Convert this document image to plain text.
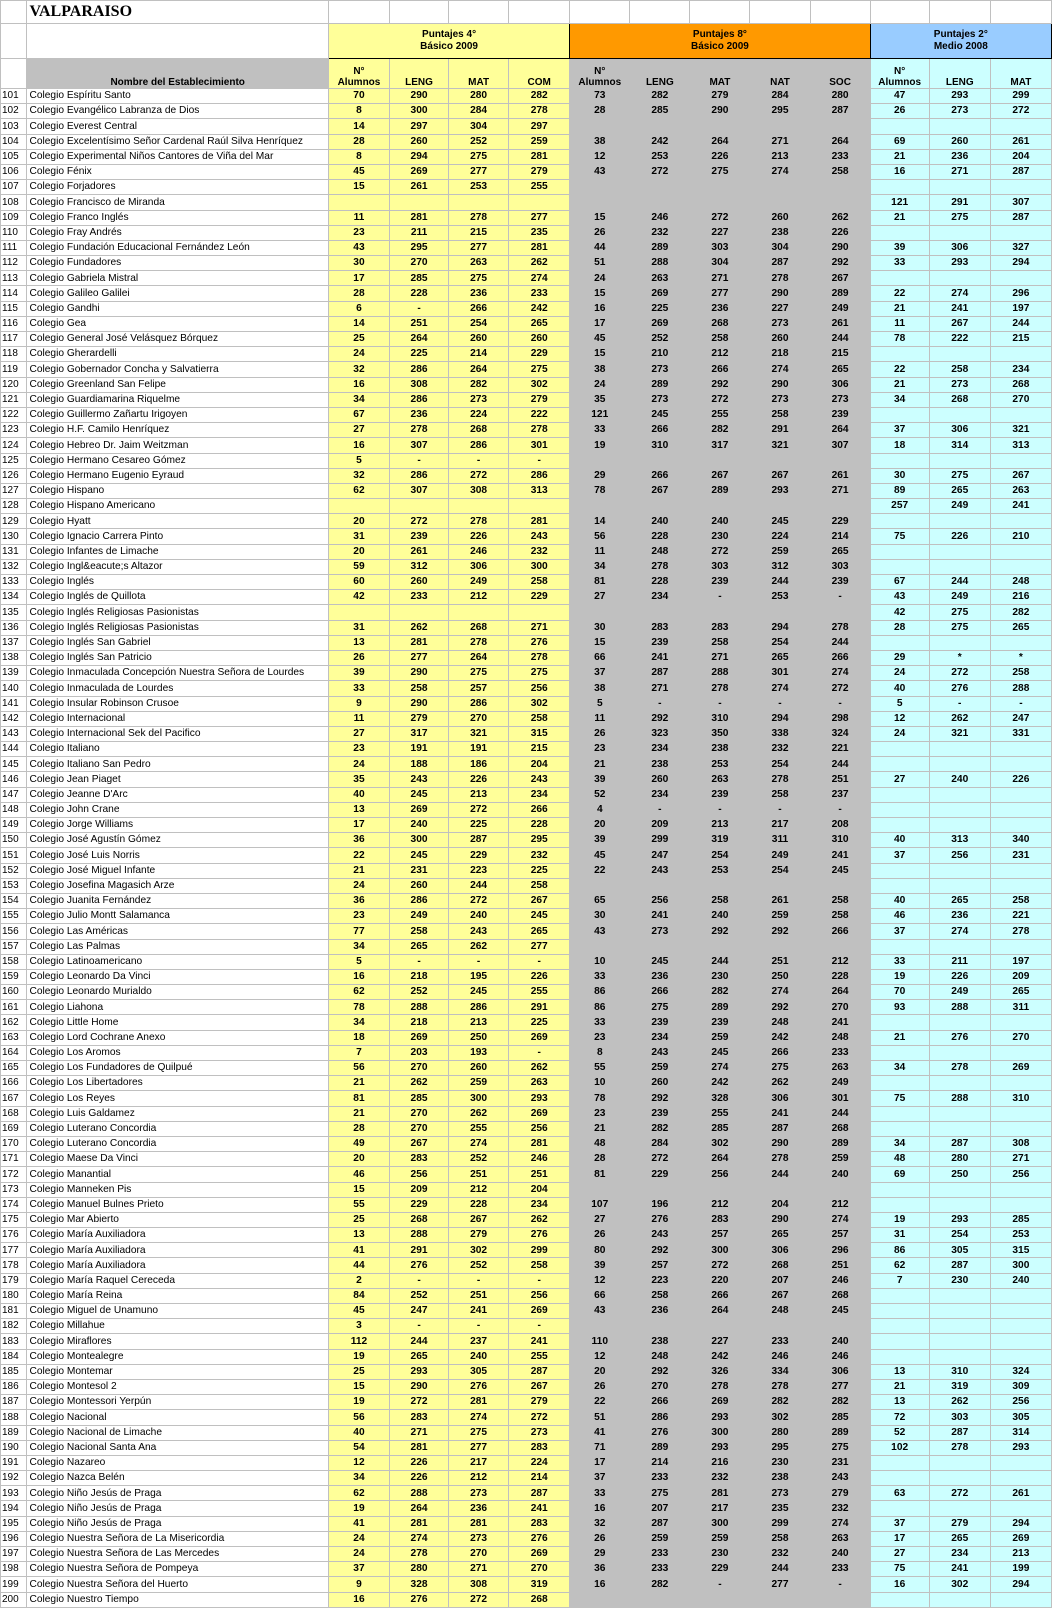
	VALPARAISO												
		Puntajes 4°
Básico 2009				Puntajes 8°
Básico 2009					Puntajes 2°
Medio 2008		
	Nombre del Establecimiento	N°
Alumnos	LENG	MAT	COM	N°
Alumnos	LENG	MAT	NAT	SOC	N°
Alumnos	LENG	MAT
101	Colegio Espíritu Santo	70	290	280	282	73	282	279	284	280	47	293	299
102	Colegio Evangélico Labranza de Dios	8	300	284	278	28	285	290	295	287	26	273	272
103	Colegio Everest Central	14	297	304	297								
104	Colegio Excelentísimo Señor Cardenal Raúl Silva Henríquez	28	260	252	259	38	242	264	271	264	69	260	261
105	Colegio Experimental Niños Cantores de Viña del Mar	8	294	275	281	12	253	226	213	233	21	236	204
106	Colegio Fénix	45	269	277	279	43	272	275	274	258	16	271	287
107	Colegio Forjadores	15	261	253	255								
108	Colegio Francisco de Miranda										121	291	307
109	Colegio Franco Inglés	11	281	278	277	15	246	272	260	262	21	275	287
110	Colegio Fray Andrés	23	211	215	235	26	232	227	238	226			
111	Colegio Fundación Educacional Fernández León	43	295	277	281	44	289	303	304	290	39	306	327
112	Colegio Fundadores	30	270	263	262	51	288	304	287	292	33	293	294
113	Colegio Gabriela Mistral	17	285	275	274	24	263	271	278	267			
114	Colegio Galileo Galilei	28	228	236	233	15	269	277	290	289	22	274	296
115	Colegio Gandhi	6	-	266	242	16	225	236	227	249	21	241	197
116	Colegio Gea	14	251	254	265	17	269	268	273	261	11	267	244
117	Colegio General José Velásquez Bórquez	25	264	260	260	45	252	258	260	244	78	222	215
118	Colegio Gherardelli	24	225	214	229	15	210	212	218	215			
119	Colegio Gobernador Concha y Salvatierra	32	286	264	275	38	273	266	274	265	22	258	234
120	Colegio Greenland San Felipe	16	308	282	302	24	289	292	290	306	21	273	268
121	Colegio Guardiamarina Riquelme	34	286	273	279	35	273	272	273	273	34	268	270
122	Colegio Guillermo Zañartu Irigoyen	67	236	224	222	121	245	255	258	239			
123	Colegio H.F. Camilo Henríquez	27	278	268	278	33	266	282	291	264	37	306	321
124	Colegio Hebreo Dr. Jaim Weitzman	16	307	286	301	19	310	317	321	307	18	314	313
125	Colegio Hermano Cesareo Gómez	5	-	-	-								
126	Colegio Hermano Eugenio Eyraud	32	286	272	286	29	266	267	267	261	30	275	267
127	Colegio Hispano	62	307	308	313	78	267	289	293	271	89	265	263
128	Colegio Hispano Americano										257	249	241
129	Colegio Hyatt	20	272	278	281	14	240	240	245	229			
130	Colegio Ignacio Carrera Pinto	31	239	226	243	56	228	230	224	214	75	226	210
131	Colegio Infantes de Limache	20	261	246	232	11	248	272	259	265			
132	Colegio Ingl&eacute;s Altazor	59	312	306	300	34	278	303	312	303			
133	Colegio Inglés	60	260	249	258	81	228	239	244	239	67	244	248
134	Colegio Inglés de Quillota	42	233	212	229	27	234	-	253	-	43	249	216
135	Colegio Inglés Religiosas Pasionistas										42	275	282
136	Colegio Inglés Religiosas Pasionistas	31	262	268	271	30	283	283	294	278	28	275	265
137	Colegio Inglés San Gabriel	13	281	278	276	15	239	258	254	244			
138	Colegio Inglés San Patricio	26	277	264	278	66	241	271	265	266	29	*	*
139	Colegio Inmaculada Concepción Nuestra Señora de Lourdes	39	290	275	275	37	287	288	301	274	24	272	258
140	Colegio Inmaculada de Lourdes	33	258	257	256	38	271	278	274	272	40	276	288
141	Colegio Insular Robinson Crusoe	9	290	286	302	5	-	-	-	-	5	-	-
142	Colegio Internacional	11	279	270	258	11	292	310	294	298	12	262	247
143	Colegio Internacional Sek del Pacifico	27	317	321	315	26	323	350	338	324	24	321	331
144	Colegio Italiano	23	191	191	215	23	234	238	232	221			
145	Colegio Italiano San Pedro	24	188	186	204	21	238	253	254	244			
146	Colegio Jean Piaget	35	243	226	243	39	260	263	278	251	27	240	226
147	Colegio Jeanne D'Arc	40	245	213	234	52	234	239	258	237			
148	Colegio John Crane	13	269	272	266	4	-	-	-	-			
149	Colegio Jorge Williams	17	240	225	228	20	209	213	217	208			
150	Colegio José Agustín Gómez	36	300	287	295	39	299	319	311	310	40	313	340
151	Colegio José Luis Norris	22	245	229	232	45	247	254	249	241	37	256	231
152	Colegio José Miguel Infante	21	231	223	225	22	243	253	254	245			
153	Colegio Josefina Magasich Arze	24	260	244	258								
154	Colegio Juanita Fernández	36	286	272	267	65	256	258	261	258	40	265	258
155	Colegio Julio Montt Salamanca	23	249	240	245	30	241	240	259	258	46	236	221
156	Colegio Las Américas	77	258	243	265	43	273	292	292	266	37	274	278
157	Colegio Las Palmas	34	265	262	277								
158	Colegio Latinoamericano	5	-	-	-	10	245	244	251	212	33	211	197
159	Colegio Leonardo Da Vinci	16	218	195	226	33	236	230	250	228	19	226	209
160	Colegio Leonardo Murialdo	62	252	245	255	86	266	282	274	264	70	249	265
161	Colegio Liahona	78	288	286	291	86	275	289	292	270	93	288	311
162	Colegio Little Home	34	218	213	225	33	239	239	248	241			
163	Colegio Lord Cochrane Anexo	18	269	250	269	23	234	259	242	248	21	276	270
164	Colegio Los Aromos	7	203	193	-	8	243	245	266	233			
165	Colegio Los Fundadores de Quilpué	56	270	260	262	55	259	274	275	263	34	278	269
166	Colegio Los Libertadores	21	262	259	263	10	260	242	262	249			
167	Colegio Los Reyes	81	285	300	293	78	292	328	306	301	75	288	310
168	Colegio Luis Galdamez	21	270	262	269	23	239	255	241	244			
169	Colegio Luterano Concordia	28	270	255	256	21	282	285	287	268			
170	Colegio Luterano Concordia	49	267	274	281	48	284	302	290	289	34	287	308
171	Colegio Maese Da Vinci	20	283	252	246	28	272	264	278	259	48	280	271
172	Colegio Manantial	46	256	251	251	81	229	256	244	240	69	250	256
173	Colegio Manneken Pis	15	209	212	204								
174	Colegio Manuel Bulnes Prieto	55	229	228	234	107	196	212	204	212			
175	Colegio Mar Abierto	25	268	267	262	27	276	283	290	274	19	293	285
176	Colegio María Auxiliadora	13	288	279	276	26	243	257	265	257	31	254	253
177	Colegio María Auxiliadora	41	291	302	299	80	292	300	306	296	86	305	315
178	Colegio María Auxiliadora	44	276	252	258	39	257	272	268	251	62	287	300
179	Colegio María Raquel Cereceda	2	-	-	-	12	223	220	207	246	7	230	240
180	Colegio María Reina	84	252	251	256	66	258	266	267	268			
181	Colegio Miguel de Unamuno	45	247	241	269	43	236	264	248	245			
182	Colegio Millahue	3	-	-	-								
183	Colegio Miraflores	112	244	237	241	110	238	227	233	240			
184	Colegio Montealegre	19	265	240	255	12	248	242	246	246			
185	Colegio Montemar	25	293	305	287	20	292	326	334	306	13	310	324
186	Colegio Montesol 2	15	290	276	267	26	270	278	278	277	21	319	309
187	Colegio Montessori Yerpún	19	272	281	279	22	266	269	282	282	13	262	256
188	Colegio Nacional	56	283	274	272	51	286	293	302	285	72	303	305
189	Colegio Nacional de Limache	40	271	275	273	41	276	300	280	289	52	287	314
190	Colegio Nacional Santa Ana	54	281	277	283	71	289	293	295	275	102	278	293
191	Colegio Nazareo	12	226	217	224	17	214	216	230	231			
192	Colegio Nazca Belén	34	226	212	214	37	233	232	238	243			
193	Colegio Niño Jesús de Praga	62	288	273	287	33	275	281	273	279	63	272	261
194	Colegio Niño Jesús de Praga	19	264	236	241	16	207	217	235	232			
195	Colegio Niño Jesús de Praga	41	281	281	283	32	287	300	299	274	37	279	294
196	Colegio Nuestra Señora de La Misericordia	24	274	273	276	26	259	259	258	263	17	265	269
197	Colegio Nuestra Señora de Las Mercedes	24	278	270	269	29	233	230	232	240	27	234	213
198	Colegio Nuestra Señora de Pompeya	37	280	271	270	36	233	229	244	233	75	241	199
199	Colegio Nuestra Señora del Huerto	9	328	308	319	16	282	-	277	-	16	302	294
200	Colegio Nuestro Tiempo	16	276	272	268								
